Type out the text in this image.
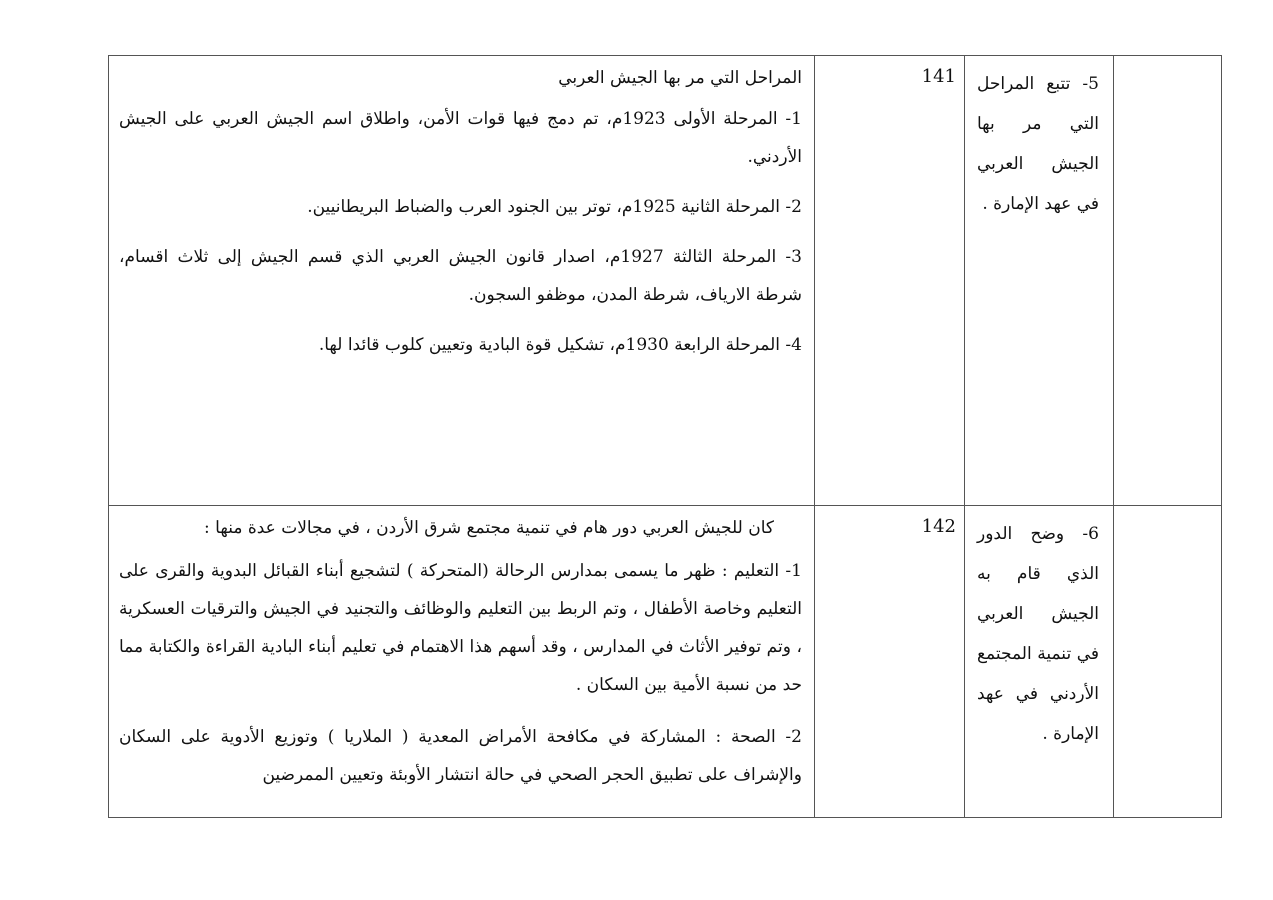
	5- تتبع المراحل التي مر بها الجيش العربي في عهد الإمارة .	141	المراحل التي مر بها الجيش العربي
1- المرحلة الأولى 1923م، تم دمج فيها قوات الأمن، واطلاق اسم الجيش العربي على الجيش الأردني.
2- المرحلة الثانية 1925م، توتر بين الجنود العرب والضباط البريطانيين.
3- المرحلة الثالثة 1927م، اصدار قانون الجيش العربي الذي قسم الجيش إلى ثلاث اقسام، شرطة الارياف، شرطة المدن، موظفو السجون.
4- المرحلة الرابعة 1930م، تشكيل قوة البادية وتعيين كلوب قائدا لها.

	6- وضح الدور الذي قام به الجيش العربي في تنمية المجتمع الأردني في عهد الإمارة .	142	كان للجيش العربي دور هام في تنمية مجتمع شرق الأردن ، في مجالات عدة منها :
1- التعليم : ظهر ما يسمى بمدارس الرحالة (المتحركة ) لتشجيع أبناء القبائل البدوية والقرى على التعليم وخاصة الأطفال ، وتم الربط بين التعليم والوظائف والتجنيد في الجيش والترقيات العسكرية ، وتم توفير الأثاث في المدارس ، وقد أسهم هذا الاهتمام في تعليم أبناء البادية القراءة والكتابة مما حد من نسبة الأمية بين السكان .
2- الصحة : المشاركة في مكافحة الأمراض المعدية ( الملاريا ) وتوزيع الأدوية على السكان والإشراف على تطبيق الحجر الصحي في حالة انتشار الأوبئة وتعيين الممرضين
